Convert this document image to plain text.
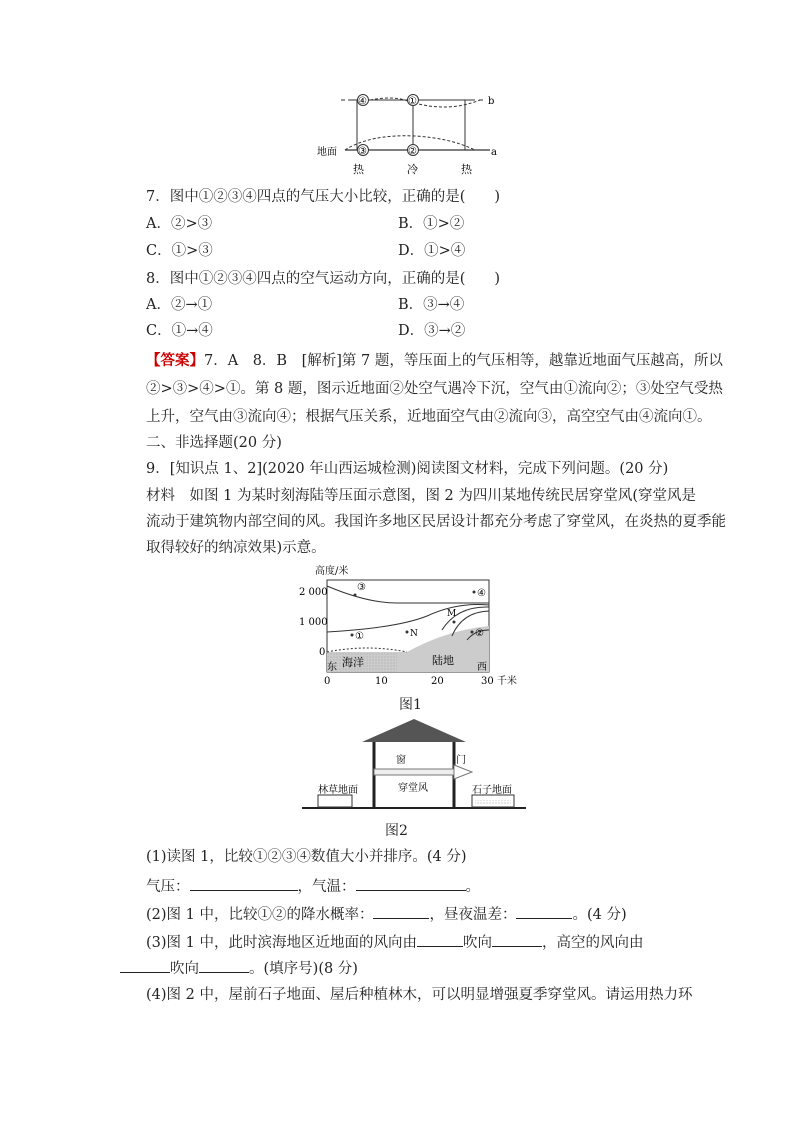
④	①
③	②
b
a
地面
热	冷	热
7．图中①②③④四点的气压大小比较，正确的是(　　)
A．②>③	B．①>②
C．①>③	D．①>④
8．图中①②③④四点的空气运动方向，正确的是(　　)
A．②→①	B．③→④
C．①→④	D．③→②
【答案】7．A　8．B　[解析]第 7 题，等压面上的气压相等，越靠近地面气压越高，所以
②>③>④>①。第 8 题，图示近地面②处空气遇冷下沉，空气由①流向②；③处空气受热
上升，空气由③流向④；根据气压关系，近地面空气由②流向③，高空空气由④流向①。
二、非选择题(20 分)
9．[知识点 1、2](2020 年山西运城检测)阅读图文材料，完成下列问题。(20 分)
材料　如图 1 为某时刻海陆等压面示意图，图 2 为四川某地传统民居穿堂风(穿堂风是
流动于建筑物内部空间的风。我国许多地区民居设计都充分考虑了穿堂风，在炎热的夏季能
取得较好的纳凉效果)示意。
高度/米
2 000
1 000
0
东	西
海洋	陆地
③
④
①	②
N
M
0	10	20	30 千米
图1
窗	门
穿堂风
林草地面	石子地面
图2
(1)读图 1，比较①②③④数值大小并排序。(4 分)
气压：	，气温：	。
(2)图 1 中，比较①②的降水概率：	，昼夜温差：	。(4 分)
(3)图 1 中，此时滨海地区近地面的风向由	吹向	，高空的风向由
吹向	。(填序号)(8 分)
(4)图 2 中，屋前石子地面、屋后种植林木，可以明显增强夏季穿堂风。请运用热力环
